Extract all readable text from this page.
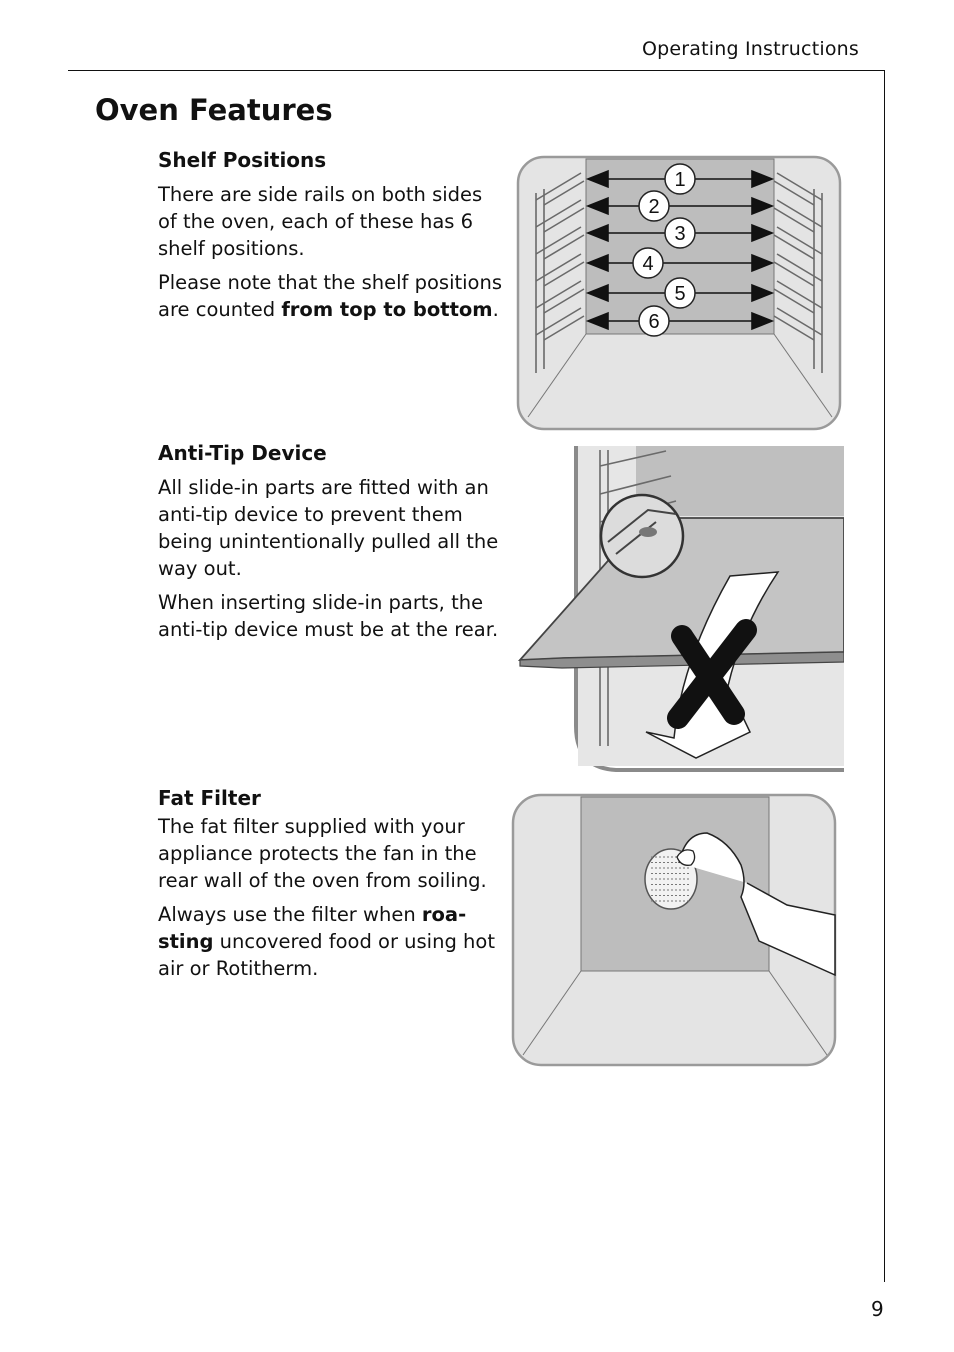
Operating Instructions
Oven Features
Shelf Positions

There are side rails on both sides of the oven, each of these has 6 shelf positions.

Please note that the shelf positions are counted from top to bottom.

1
2
3
4
5
6
Anti-Tip Device

All slide-in parts are fitted with an anti-tip device to prevent them being unintentionally pulled all the way out.

When inserting slide-in parts, the anti-tip device must be at the rear.

Fat Filter

The fat filter supplied with your appliance protects the fan in the rear wall of the oven from soiling.

Always use the filter when roa-sting uncovered food or using hot air or Rotitherm.

9
